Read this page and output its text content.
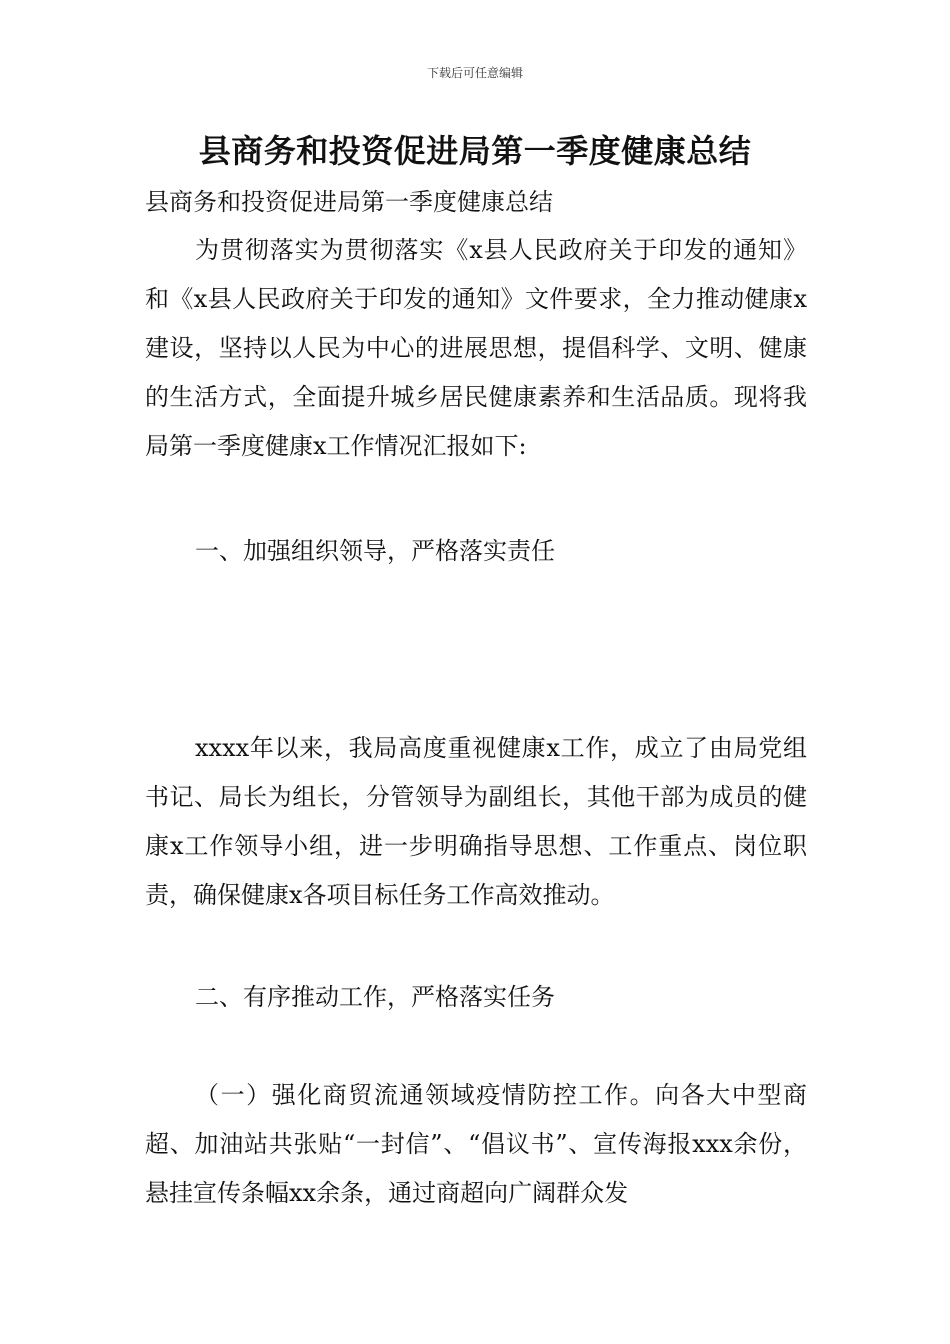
下载后可任意编辑
县商务和投资促进局第一季度健康总结

县商务和投资促进局第一季度健康总结

为贯彻落实为贯彻落实《x县人民政府关于印发的通知》和《x县人民政府关于印发的通知》文件要求，全力推动健康x建设，坚持以人民为中心的进展思想，提倡科学、文明、健康的生活方式，全面提升城乡居民健康素养和生活品质。现将我局第一季度健康x工作情况汇报如下:

一、加强组织领导，严格落实责任

xxxx年以来，我局高度重视健康x工作，成立了由局党组书记、局长为组长，分管领导为副组长，其他干部为成员的健康x工作领导小组，进一步明确指导思想、工作重点、岗位职责，确保健康x各项目标任务工作高效推动。

二、有序推动工作，严格落实任务

（一）强化商贸流通领域疫情防控工作。向各大中型商超、加油站共张贴“一封信”、“倡议书”、宣传海报xxx余份，悬挂宣传条幅xx余条，通过商超向广阔群众发
